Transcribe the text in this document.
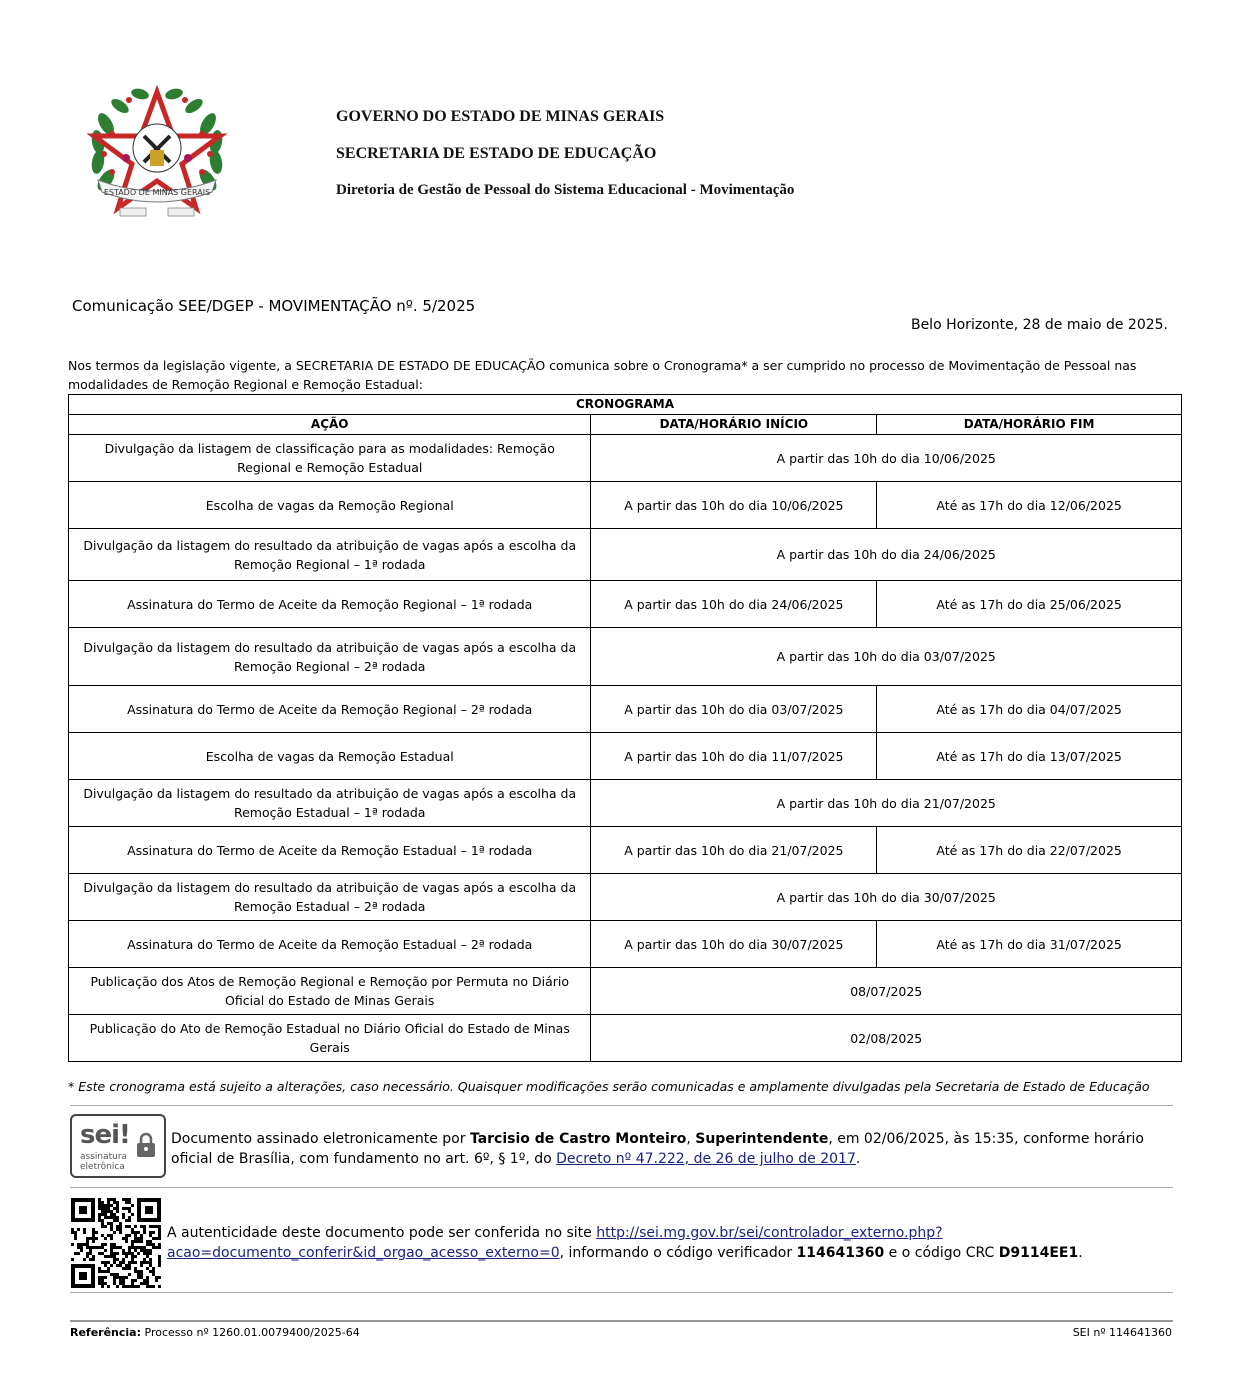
ESTADO DE MINAS GERAIS
GOVERNO DO ESTADO DE MINAS GERAIS
SECRETARIA DE ESTADO DE EDUCAÇÃO
Diretoria de Gestão de Pessoal do Sistema Educacional - Movimentação
Comunicação SEE/DGEP - MOVIMENTAÇÃO nº. 5/2025
Belo Horizonte, 28 de maio de 2025.
Nos termos da legislação vigente, a SECRETARIA DE ESTADO DE EDUCAÇÃO comunica sobre o Cronograma* a ser cumprido no processo de Movimentação de Pessoal nas modalidades de Remoção Regional e Remoção Estadual:
CRONOGRAMA		
AÇÃO	DATA/HORÁRIO INÍCIO	DATA/HORÁRIO FIM
Divulgação da listagem de classificação para as modalidades: Remoção Regional e Remoção Estadual	A partir das 10h do dia 10/06/2025	
Escolha de vagas da Remoção Regional	A partir das 10h do dia 10/06/2025	Até as 17h do dia 12/06/2025
Divulgação da listagem do resultado da atribuição de vagas após a escolha da Remoção Regional – 1ª rodada	A partir das 10h do dia 24/06/2025	
Assinatura do Termo de Aceite da Remoção Regional – 1ª rodada	A partir das 10h do dia 24/06/2025	Até as 17h do dia 25/06/2025
Divulgação da listagem do resultado da atribuição de vagas após a escolha da Remoção Regional – 2ª rodada	A partir das 10h do dia 03/07/2025	
Assinatura do Termo de Aceite da Remoção Regional – 2ª rodada	A partir das 10h do dia 03/07/2025	Até as 17h do dia 04/07/2025
Escolha de vagas da Remoção Estadual	A partir das 10h do dia 11/07/2025	Até as 17h do dia 13/07/2025
Divulgação da listagem do resultado da atribuição de vagas após a escolha da Remoção Estadual – 1ª rodada	A partir das 10h do dia 21/07/2025	
Assinatura do Termo de Aceite da Remoção Estadual – 1ª rodada	A partir das 10h do dia 21/07/2025	Até as 17h do dia 22/07/2025
Divulgação da listagem do resultado da atribuição de vagas após a escolha da Remoção Estadual – 2ª rodada	A partir das 10h do dia 30/07/2025	
Assinatura do Termo de Aceite da Remoção Estadual – 2ª rodada	A partir das 10h do dia 30/07/2025	Até as 17h do dia 31/07/2025
Publicação dos Atos de Remoção Regional e Remoção por Permuta no Diário Oficial do Estado de Minas Gerais	08/07/2025	
Publicação do Ato de Remoção Estadual no Diário Oficial do Estado de Minas Gerais	02/08/2025	
* Este cronograma está sujeito a alterações, caso necessário. Quaisquer modificações serão comunicadas e amplamente divulgadas pela Secretaria de Estado de Educação
sei!
assinatura
eletrônica
Documento assinado eletronicamente por Tarcisio de Castro Monteiro, Superintendente, em 02/06/2025, às 15:35, conforme horário oficial de Brasília, com fundamento no art. 6º, § 1º, do Decreto nº 47.222, de 26 de julho de 2017.
A autenticidade deste documento pode ser conferida no site http://sei.mg.gov.br/sei/controlador_externo.php?
acao=documento_conferir&id_orgao_acesso_externo=0, informando o código verificador 114641360 e o código CRC D9114EE1.
Referência: Processo nº 1260.01.0079400/2025-64	SEI nº 114641360
